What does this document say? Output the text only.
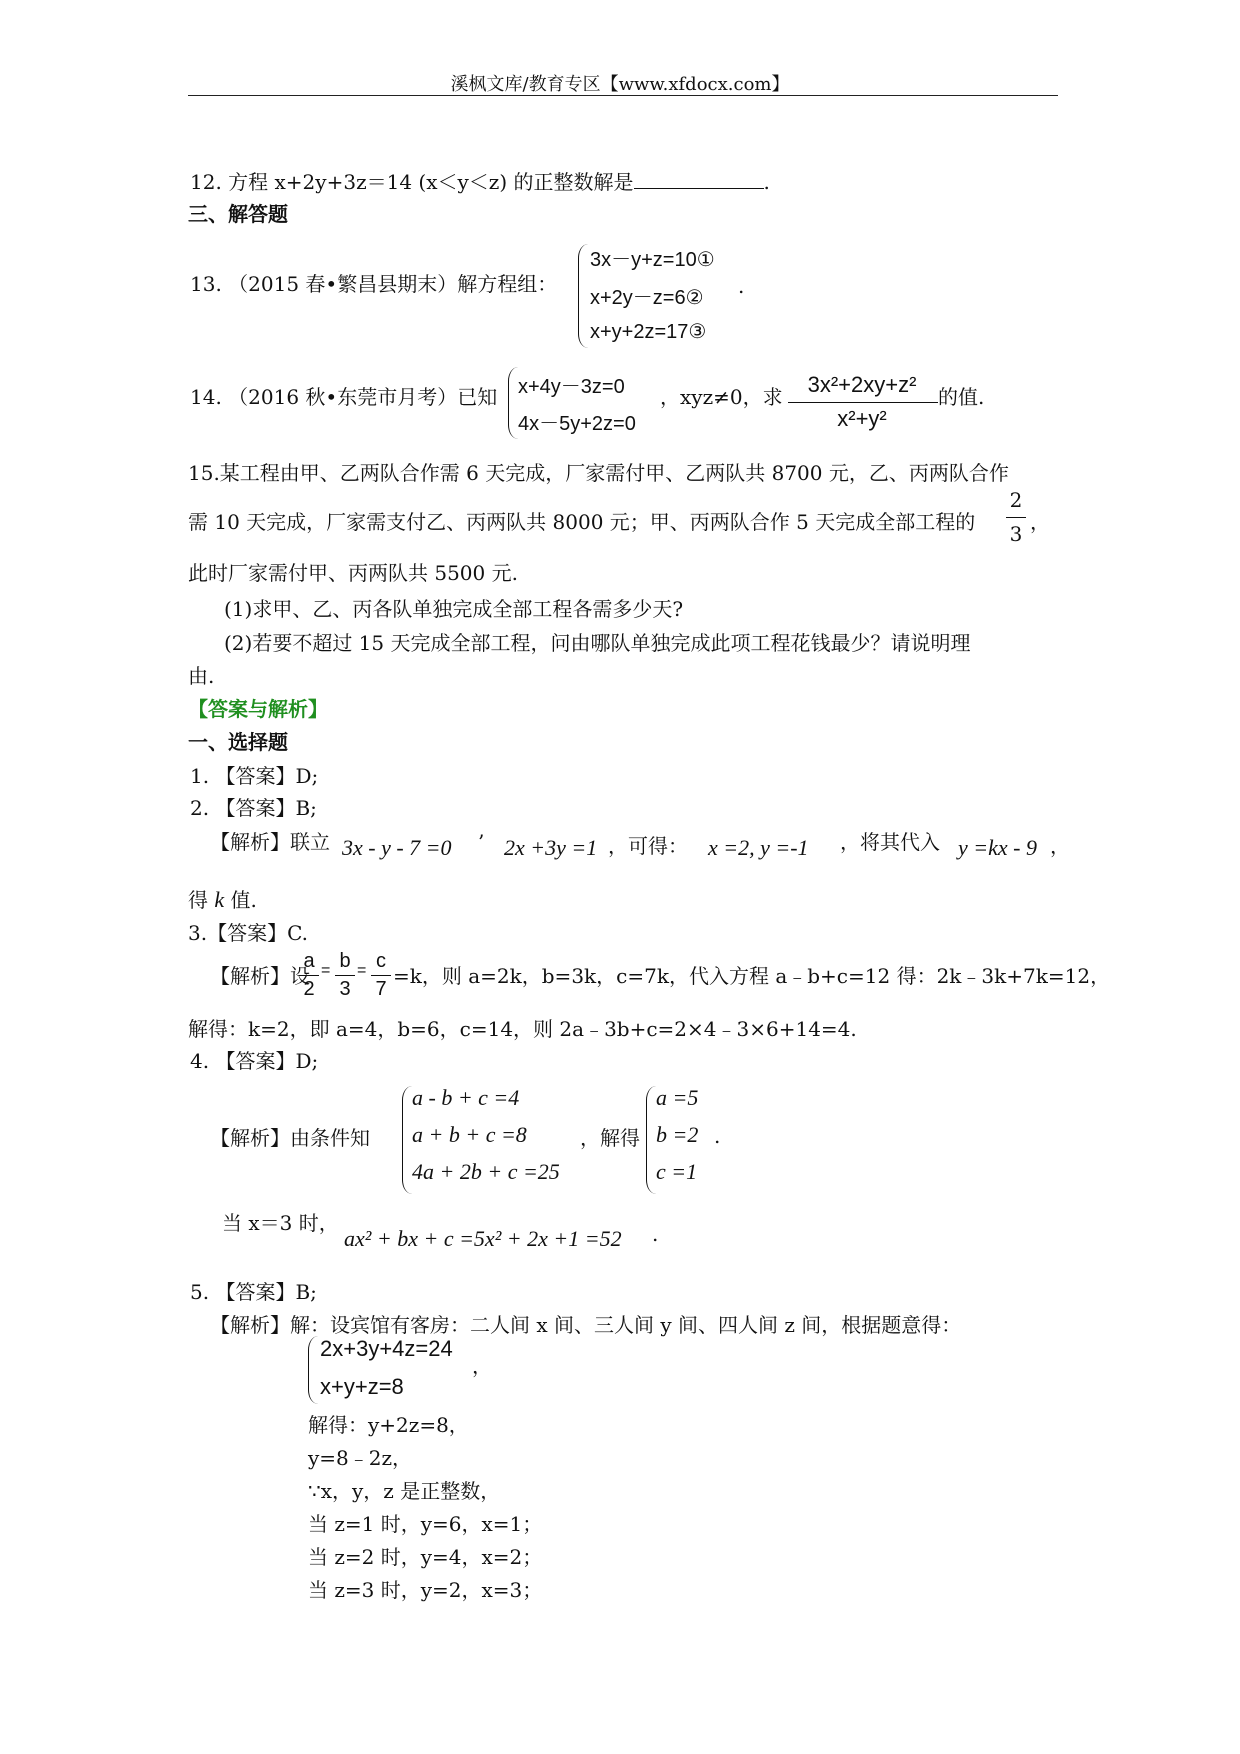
溪枫文库/教育专区【www.xfdocx.com】
12. 方程 x+2y+3z＝14 (x＜y＜z) 的正整数解是	.
三、解答题
13. （2015 春•繁昌县期末）解方程组：
3x－y+z=10①
x+2y－z=6②
x+y+2z=17③
.
14. （2016 秋•东莞市月考）已知 x+4y－3z=0
4x－5y+2z=0
，xyz≠0，求	3x²+2xy+z²
x²+y²
的值.
15.某工程由甲、乙两队合作需 6 天完成，厂家需付甲、乙两队共 8700 元，乙、丙两队合作
需 10 天完成，厂家需支付乙、丙两队共 8000 元；甲、丙两队合作 5 天完成全部工程的
2
3 ，
此时厂家需付甲、丙两队共 5500 元.
(1)求甲、乙、丙各队单独完成全部工程各需多少天?
(2)若要不超过 15 天完成全部工程，问由哪队单独完成此项工程花钱最少？请说明理
由.
【答案与解析】
一、选择题
1. 【答案】D;
2. 【答案】B;
【解析】联立 3x - y - 7 =0 ’ 2x +3y =1 ，可得： x =2, y =-1 ，将其代入 y =kx - 9 ，
得 k 值.
3.【答案】C.
【解析】设
a
2
= b
3
= c
7
=k，则 a=2k，b=3k，c=7k，代入方程 a﹣b+c=12 得：2k﹣3k+7k=12，
解得：k=2，即 a=4，b=6，c=14，则 2a﹣3b+c=2×4﹣3×6+14=4.
4. 【答案】D;
【解析】由条件知
a - b + c =4
a + b + c =8
4a + 2b + c =25
，解得
a =5
b =2
c =1
.
当 x＝3 时，
ax² + bx + c =5x² + 2x +1 =52 .
5. 【答案】B;
【解析】解：设宾馆有客房：二人间 x 间、三人间 y 间、四人间 z 间，根据题意得：
2x+3y+4z=24
x+y+z=8
，
解得：y+2z=8，
y=8﹣2z，
∵x，y，z 是正整数，
当 z=1 时，y=6，x=1；
当 z=2 时，y=4，x=2；
当 z=3 时，y=2，x=3；
